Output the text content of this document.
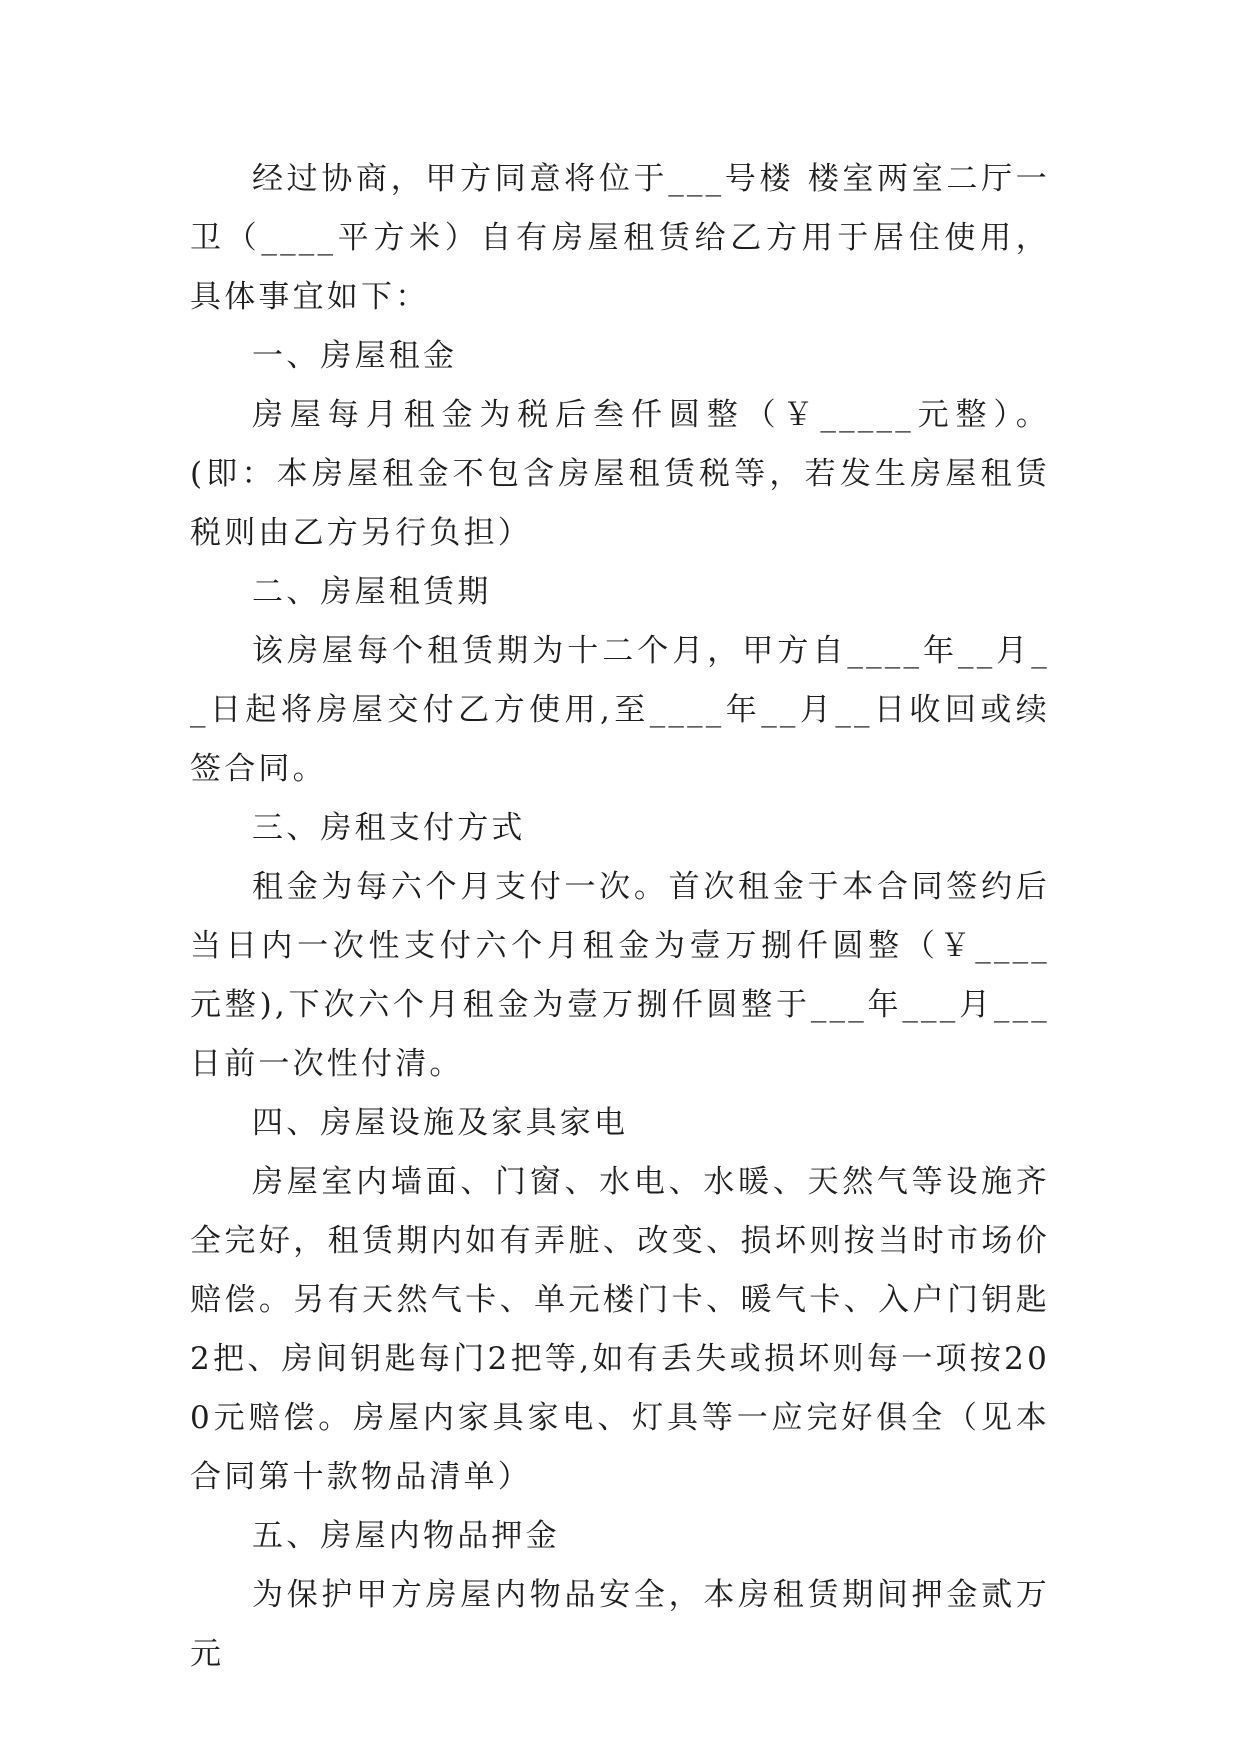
经过协商，甲方同意将位于___号楼 楼室两室二厅一卫（____平方米）自有房屋租赁给乙方用于居住使用，具体事宜如下：

一、房屋租金

房屋每月租金为税后叁仟圆整（￥_____元整）。(即：本房屋租金不包含房屋租赁税等，若发生房屋租赁税则由乙方另行负担）

二、房屋租赁期

该房屋每个租赁期为十二个月，甲方自____年__月__日起将房屋交付乙方使用,至____年__月__日收回或续签合同。

三、房租支付方式

租金为每六个月支付一次。首次租金于本合同签约后当日内一次性支付六个月租金为壹万捌仟圆整（￥____元整),下次六个月租金为壹万捌仟圆整于___年___月___日前一次性付清。

四、房屋设施及家具家电

房屋室内墙面、门窗、水电、水暖、天然气等设施齐全完好，租赁期内如有弄脏、改变、损坏则按当时市场价赔偿。另有天然气卡、单元楼门卡、暖气卡、入户门钥匙2把、房间钥匙每门2把等,如有丢失或损坏则每一项按200元赔偿。房屋内家具家电、灯具等一应完好俱全（见本合同第十款物品清单）

五、房屋内物品押金

为保护甲方房屋内物品安全，本房租赁期间押金贰万元
